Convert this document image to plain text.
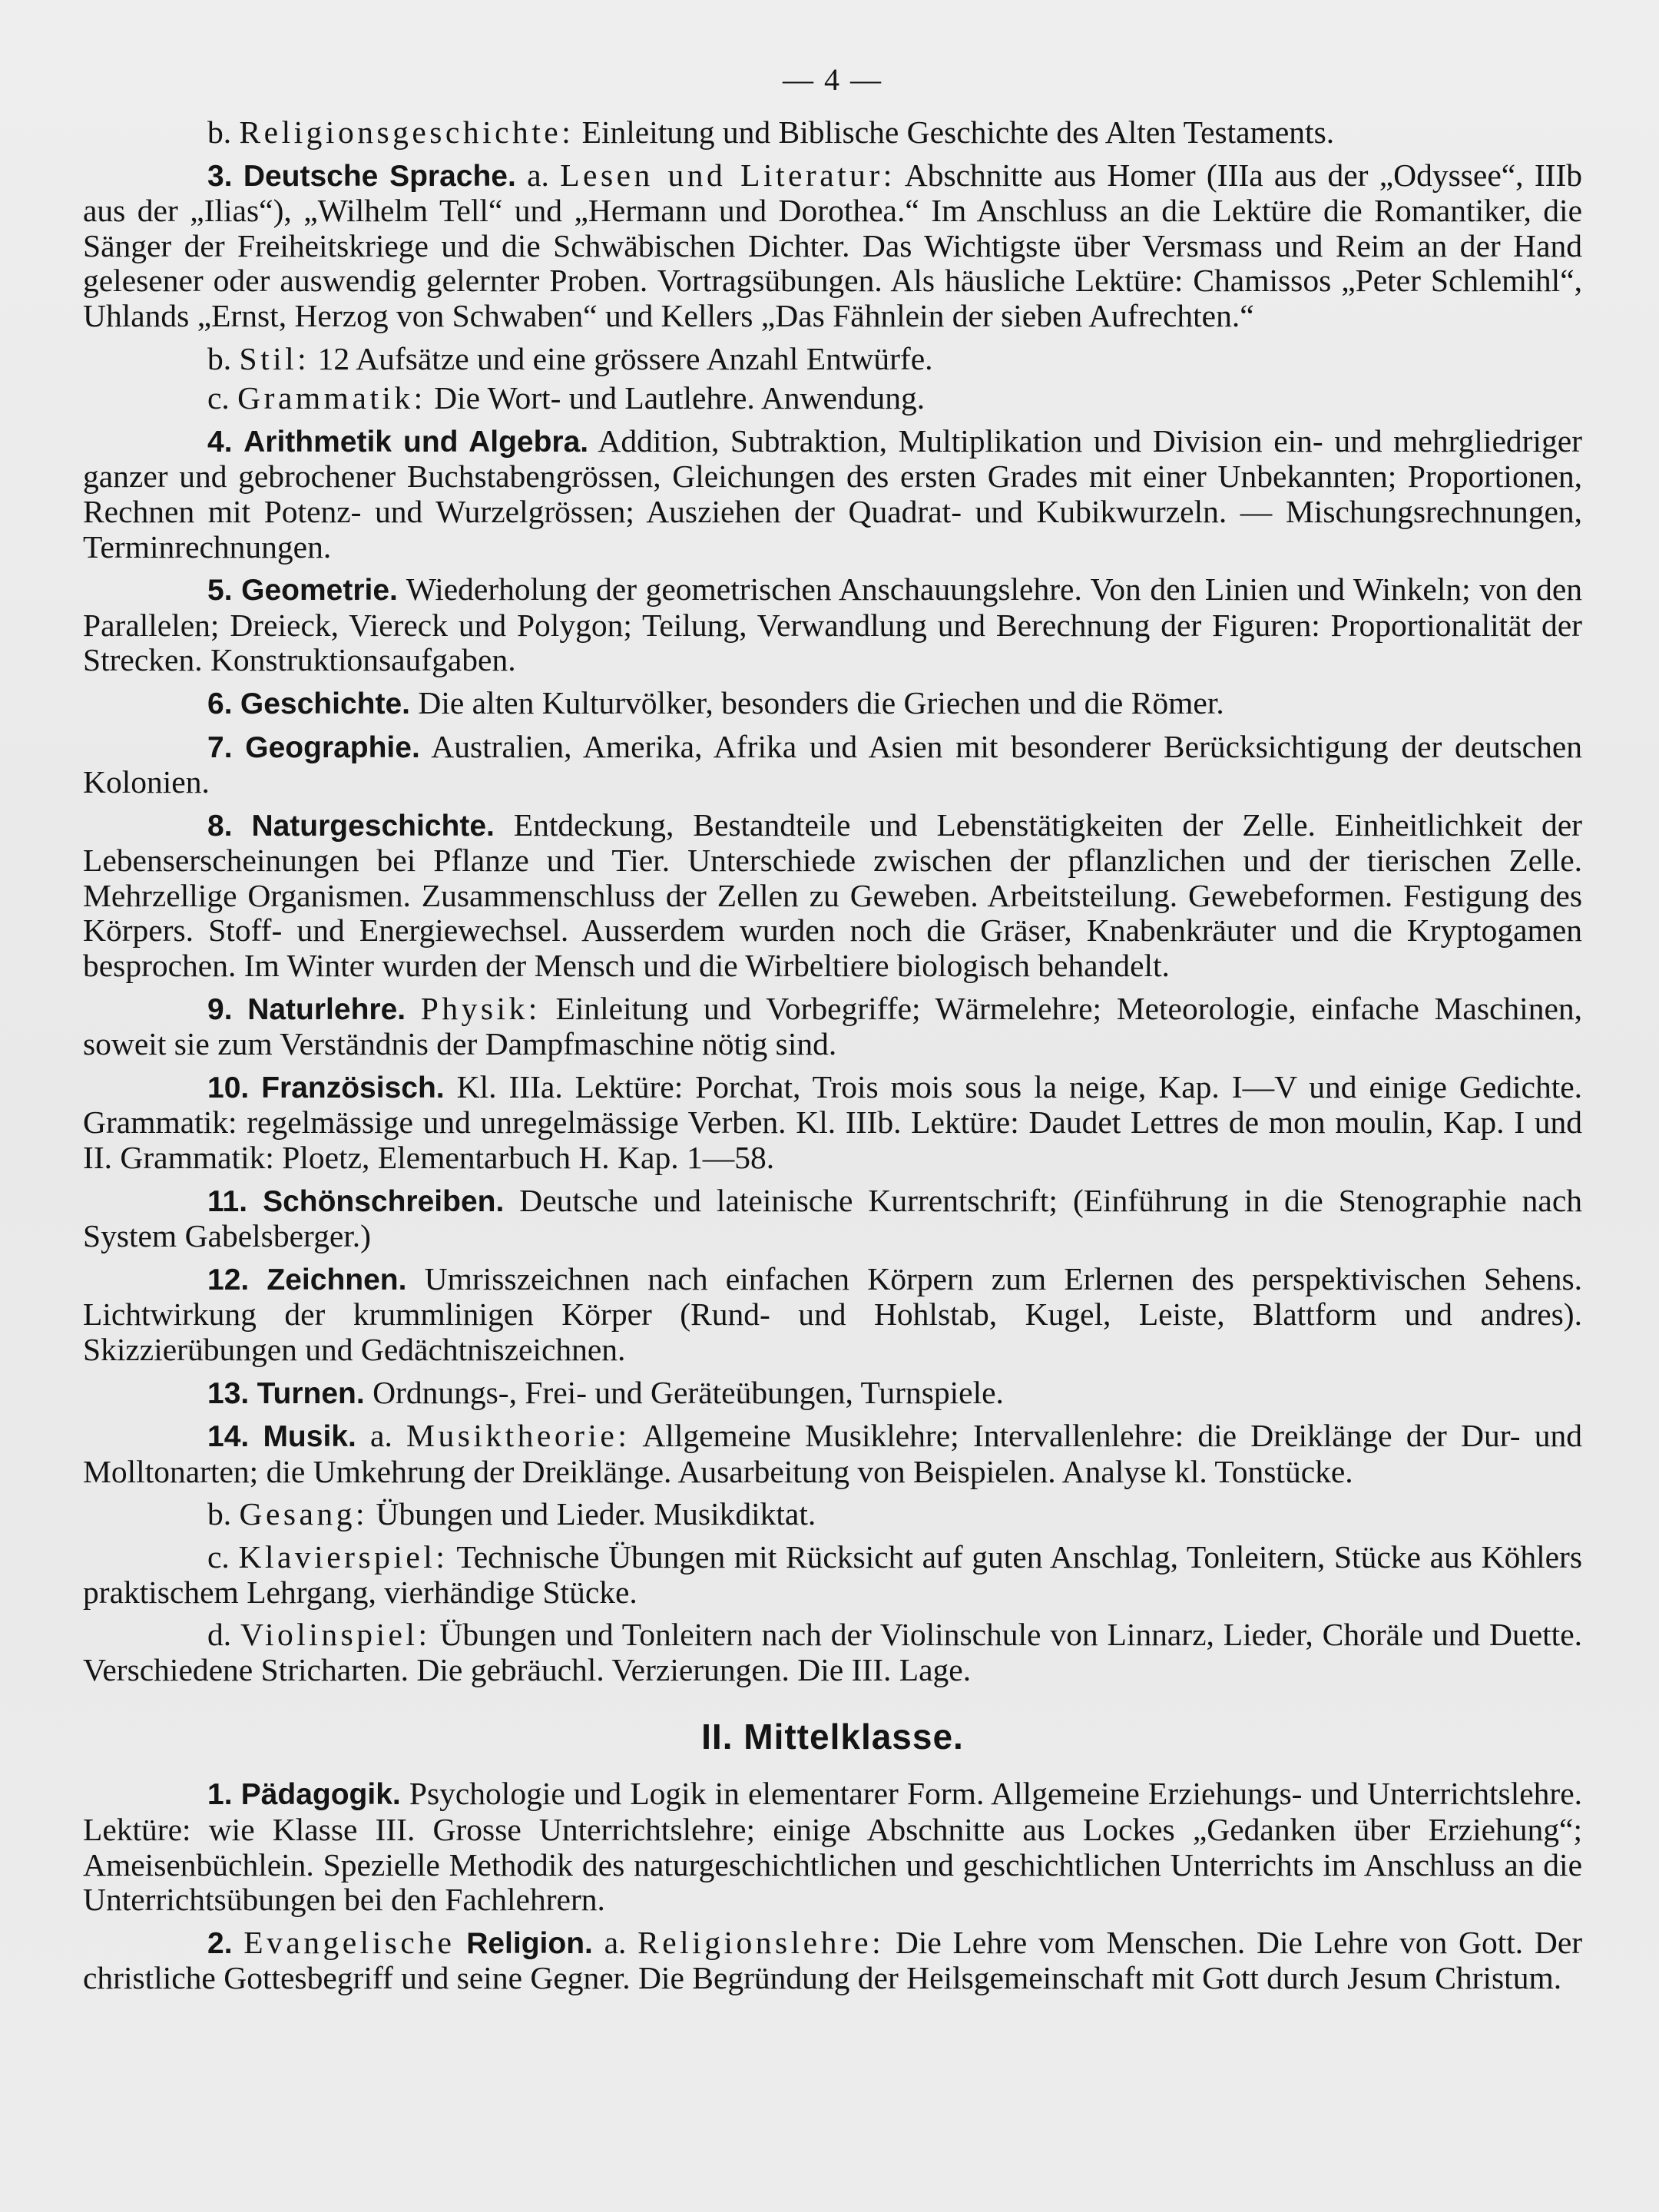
— 4 —

b. Religionsgeschichte: Einleitung und Biblische Geschichte des Alten Testaments.

3. Deutsche Sprache. a. Lesen und Literatur: Abschnitte aus Homer (IIIa aus der „Odyssee“, IIIb aus der „Ilias“), „Wilhelm Tell“ und „Hermann und Dorothea.“ Im Anschluss an die Lektüre die Romantiker, die Sänger der Freiheitskriege und die Schwäbischen Dichter. Das Wichtigste über Versmass und Reim an der Hand gelesener oder auswendig gelernter Proben. Vortragsübungen. Als häusliche Lektüre: Chamissos „Peter Schlemihl“, Uhlands „Ernst, Herzog von Schwaben“ und Kellers „Das Fähnlein der sieben Aufrechten.“

b. Stil: 12 Aufsätze und eine grössere Anzahl Entwürfe.

c. Grammatik: Die Wort- und Lautlehre. Anwendung.

4. Arithmetik und Algebra. Addition, Subtraktion, Multiplikation und Division ein- und mehrgliedriger ganzer und gebrochener Buchstabengrössen, Gleichungen des ersten Grades mit einer Unbekannten; Proportionen, Rechnen mit Potenz- und Wurzelgrössen; Ausziehen der Quadrat- und Kubikwurzeln. — Mischungsrechnungen, Terminrechnungen.

5. Geometrie. Wiederholung der geometrischen Anschauungslehre. Von den Linien und Winkeln; von den Parallelen; Dreieck, Viereck und Polygon; Teilung, Verwandlung und Berechnung der Figuren: Proportionalität der Strecken. Konstruktionsaufgaben.

6. Geschichte. Die alten Kulturvölker, besonders die Griechen und die Römer.

7. Geographie. Australien, Amerika, Afrika und Asien mit besonderer Berücksichtigung der deutschen Kolonien.

8. Naturgeschichte. Entdeckung, Bestandteile und Lebenstätigkeiten der Zelle. Einheitlichkeit der Lebenserscheinungen bei Pflanze und Tier. Unterschiede zwischen der pflanzlichen und der tierischen Zelle. Mehrzellige Organismen. Zusammenschluss der Zellen zu Geweben. Arbeitsteilung. Gewebeformen. Festigung des Körpers. Stoff- und Energiewechsel. Ausserdem wurden noch die Gräser, Knabenkräuter und die Kryptogamen besprochen. Im Winter wurden der Mensch und die Wirbeltiere biologisch behandelt.

9. Naturlehre. Physik: Einleitung und Vorbegriffe; Wärmelehre; Meteorologie, einfache Maschinen, soweit sie zum Verständnis der Dampfmaschine nötig sind.

10. Französisch. Kl. IIIa. Lektüre: Porchat, Trois mois sous la neige, Kap. I—V und einige Gedichte. Grammatik: regelmässige und unregelmässige Verben. Kl. IIIb. Lektüre: Daudet Lettres de mon moulin, Kap. I und II. Grammatik: Ploetz, Elementarbuch H. Kap. 1—58.

11. Schönschreiben. Deutsche und lateinische Kurrentschrift; (Einführung in die Stenographie nach System Gabelsberger.)

12. Zeichnen. Umrisszeichnen nach einfachen Körpern zum Erlernen des perspektivischen Sehens. Lichtwirkung der krummlinigen Körper (Rund- und Hohlstab, Kugel, Leiste, Blattform und andres). Skizzierübungen und Gedächtniszeichnen.

13. Turnen. Ordnungs-, Frei- und Geräteübungen, Turnspiele.

14. Musik. a. Musiktheorie: Allgemeine Musiklehre; Intervallenlehre: die Dreiklänge der Dur- und Molltonarten; die Umkehrung der Dreiklänge. Ausarbeitung von Beispielen. Analyse kl. Tonstücke.

b. Gesang: Übungen und Lieder. Musikdiktat.

c. Klavierspiel: Technische Übungen mit Rücksicht auf guten Anschlag, Tonleitern, Stücke aus Köhlers praktischem Lehrgang, vierhändige Stücke.

d. Violinspiel: Übungen und Tonleitern nach der Violinschule von Linnarz, Lieder, Choräle und Duette. Verschiedene Stricharten. Die gebräuchl. Verzierungen. Die III. Lage.

II. Mittelklasse.

1. Pädagogik. Psychologie und Logik in elementarer Form. Allgemeine Erziehungs- und Unterrichtslehre. Lektüre: wie Klasse III. Grosse Unterrichtslehre; einige Abschnitte aus Lockes „Gedanken über Erziehung“; Ameisenbüchlein. Spezielle Methodik des naturgeschichtlichen und geschichtlichen Unterrichts im Anschluss an die Unterrichtsübungen bei den Fachlehrern.

2. Evangelische Religion. a. Religionslehre: Die Lehre vom Menschen. Die Lehre von Gott. Der christliche Gottesbegriff und seine Gegner. Die Begründung der Heilsgemeinschaft mit Gott durch Jesum Christum.
